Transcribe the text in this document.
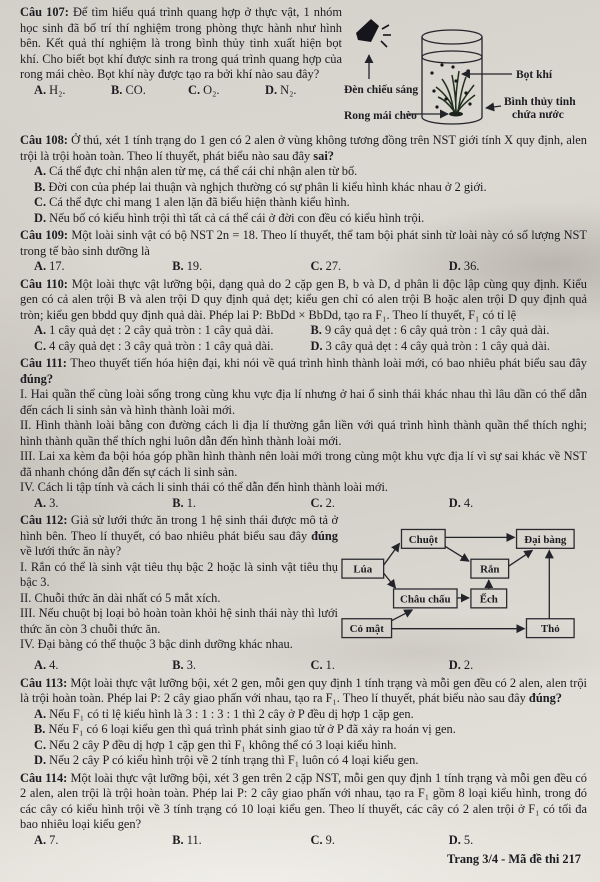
Câu 107: Để tìm hiểu quá trình quang hợp ở thực vật, 1 nhóm học sinh đã bố trí thí nghiệm trong phòng thực hành như hình bên. Kết quả thí nghiệm là trong bình thủy tinh xuất hiện bọt khí. Cho biết bọt khí được sinh ra trong quá trình quang hợp của rong mái chèo. Bọt khí này được tạo ra bởi khí nào sau đây?

A. H₂.	B. CO.	C. O₂.	D. N₂.	Đèn chiếu sáng
Bọt khí
Bình thủy tinh
chứa nước
Rong mái chèo

Câu 108: Ở thú, xét 1 tính trạng do 1 gen có 2 alen ở vùng không tương đồng trên NST giới tính X quy định, alen trội là trội hoàn toàn. Theo lí thuyết, phát biểu nào sau đây sai?

A. Cá thể đực chỉ nhận alen từ mẹ, cá thể cái chỉ nhận alen từ bố.

B. Đời con của phép lai thuận và nghịch thường có sự phân li kiểu hình khác nhau ở 2 giới.

C. Cá thể đực chỉ mang 1 alen lặn đã biểu hiện thành kiểu hình.

D. Nếu bố có kiểu hình trội thì tất cả cá thể cái ở đời con đều có kiểu hình trội.

Câu 109: Một loài sinh vật có bộ NST 2n = 18. Theo lí thuyết, thể tam bội phát sinh từ loài này có số lượng NST trong tế bào sinh dưỡng là

A. 17.	B. 19.	C. 27.	D. 36.

Câu 110: Một loài thực vật lưỡng bội, dạng quả do 2 cặp gen B, b và D, d phân li độc lập cùng quy định. Kiểu gen có cả alen trội B và alen trội D quy định quả dẹt; kiểu gen chỉ có alen trội B hoặc alen trội D quy định quả tròn; kiểu gen bbdd quy định quả dài. Phép lai P: BbDd × BbDd, tạo ra F₁. Theo lí thuyết, F₁ có tỉ lệ

A. 1 cây quả dẹt : 2 cây quả tròn : 1 cây quả dài.	B. 9 cây quả dẹt : 6 cây quả tròn : 1 cây quả dài.
C. 4 cây quả dẹt : 3 cây quả tròn : 1 cây quả dài.	D. 3 cây quả dẹt : 4 cây quả tròn : 1 cây quả dài.

Câu 111: Theo thuyết tiến hóa hiện đại, khi nói về quá trình hình thành loài mới, có bao nhiêu phát biểu sau đây đúng?

I. Hai quần thể cùng loài sống trong cùng khu vực địa lí nhưng ở hai ổ sinh thái khác nhau thì lâu dần có thể dẫn đến cách li sinh sản và hình thành loài mới.

II. Hình thành loài bằng con đường cách li địa lí thường gắn liền với quá trình hình thành quần thể thích nghi; hình thành quần thể thích nghi luôn dẫn đến hình thành loài mới.

III. Lai xa kèm đa bội hóa góp phần hình thành nên loài mới trong cùng một khu vực địa lí vì sự sai khác về NST đã nhanh chóng dẫn đến sự cách li sinh sản.

IV. Cách li tập tính và cách li sinh thái có thể dẫn đến hình thành loài mới.

A. 3.	B. 1.	C. 2.	D. 4.

Câu 112: Giả sử lưới thức ăn trong 1 hệ sinh thái được mô tả ở hình bên. Theo lí thuyết, có bao nhiêu phát biểu sau đây đúng về lưới thức ăn này?

I. Rắn có thể là sinh vật tiêu thụ bậc 2 hoặc là sinh vật tiêu thụ bậc 3.

II. Chuỗi thức ăn dài nhất có 5 mắt xích.

III. Nếu chuột bị loại bỏ hoàn toàn khỏi hệ sinh thái này thì lưới thức ăn còn 3 chuỗi thức ăn.

IV. Đại bàng có thể thuộc 3 bậc dinh dưỡng khác nhau.

Chuột	Đại bàng
Lúa	Rắn
Châu chấu	Ếch
Cỏ mật	Thỏ
A. 4.	B. 3.	C. 1.	D. 2.

Câu 113: Một loài thực vật lưỡng bội, xét 2 gen, mỗi gen quy định 1 tính trạng và mỗi gen đều có 2 alen, alen trội là trội hoàn toàn. Phép lai P: 2 cây giao phấn với nhau, tạo ra F₁. Theo lí thuyết, phát biểu nào sau đây đúng?

A. Nếu F₁ có tỉ lệ kiểu hình là 3 : 1 : 3 : 1 thì 2 cây ở P đều dị hợp 1 cặp gen.

B. Nếu F₁ có 6 loại kiểu gen thì quá trình phát sinh giao tử ở P đã xảy ra hoán vị gen.

C. Nếu 2 cây P đều dị hợp 1 cặp gen thì F₁ không thể có 3 loại kiểu hình.

D. Nếu 2 cây P có kiểu hình trội về 2 tính trạng thì F₁ luôn có 4 loại kiểu gen.

Câu 114: Một loài thực vật lưỡng bội, xét 3 gen trên 2 cặp NST, mỗi gen quy định 1 tính trạng và mỗi gen đều có 2 alen, alen trội là trội hoàn toàn. Phép lai P: 2 cây giao phấn với nhau, tạo ra F₁ gồm 8 loại kiểu hình, trong đó các cây có kiểu hình trội về 3 tính trạng có 10 loại kiểu gen. Theo lí thuyết, các cây có 2 alen trội ở F₁ có tối đa bao nhiêu loại kiểu gen?

A. 7.	B. 11.	C. 9.	D. 5.
Trang 3/4 - Mã đề thi 217
